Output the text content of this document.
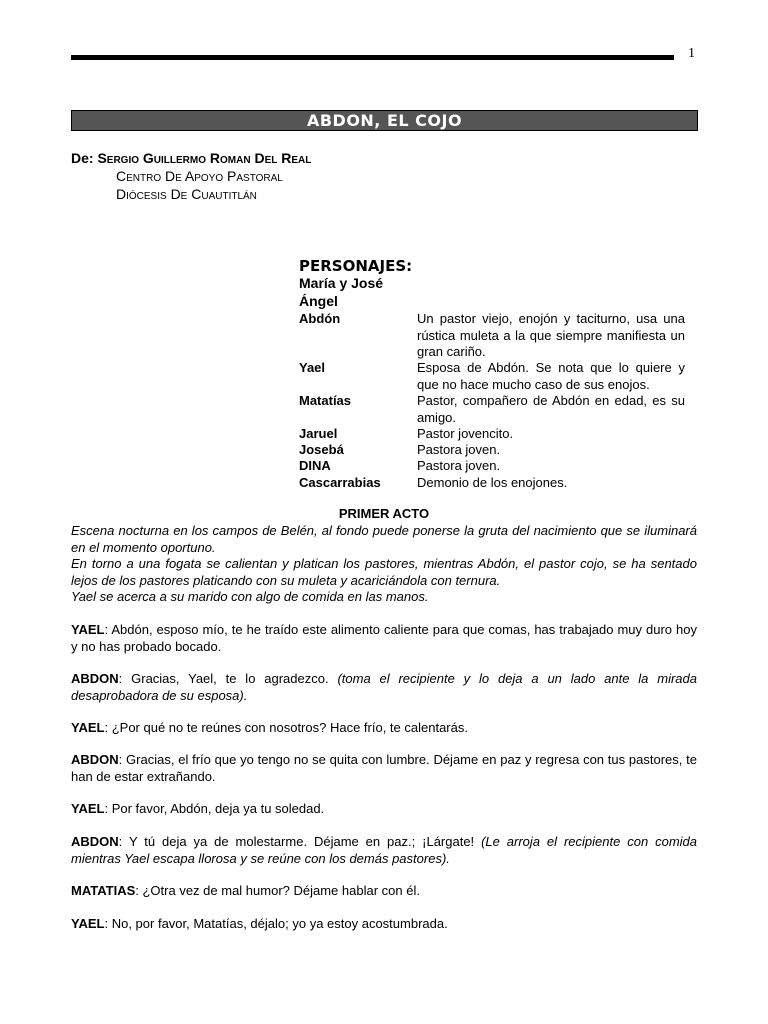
1
ABDON, EL COJO
De: Sergio Guillermo Roman Del Real
Centro De Apoyo Pastoral
Diócesis De Cuautitlán
PERSONAJES:
María y José
Ángel
Abdón	Un pastor viejo, enojón y taciturno, usa una rústica muleta a la que siempre manifiesta un gran cariño.
Yael	Esposa de Abdón. Se nota que lo quiere y que no hace mucho caso de sus enojos.
Matatías	Pastor, compañero de Abdón en edad, es su amigo.
Jaruel	Pastor jovencito.
Josebá	Pastora joven.
DINA	Pastora joven.
Cascarrabias	Demonio de los enojones.
PRIMER ACTO
Escena nocturna en los campos de Belén, al fondo puede ponerse la gruta del nacimiento que se iluminará en el momento oportuno.
En torno a una fogata se calientan y platican los pastores, mientras Abdón, el pastor cojo, se ha sentado lejos de los pastores platicando con su muleta y acariciándola con ternura.
Yael se acerca a su marido con algo de comida en las manos.
YAEL: Abdón, esposo mío, te he traído este alimento caliente para que comas, has trabajado muy duro hoy y no has probado bocado.
ABDON: Gracias, Yael, te lo agradezco. (toma el recipiente y lo deja a un lado ante la mirada desaprobadora de su esposa).
YAEL: ¿Por qué no te reúnes con nosotros? Hace frío, te calentarás.
ABDON: Gracias, el frío que yo tengo no se quita con lumbre. Déjame en paz y regresa con tus pastores, te han de estar extrañando.
YAEL: Por favor, Abdón, deja ya tu soledad.
ABDON: Y tú deja ya de molestarme. Déjame en paz.; ¡Lárgate! (Le arroja el recipiente con comida mientras Yael escapa llorosa y se reúne con los demás pastores).
MATATIAS: ¿Otra vez de mal humor? Déjame hablar con él.
YAEL: No, por favor, Matatías, déjalo; yo ya estoy acostumbrada.
